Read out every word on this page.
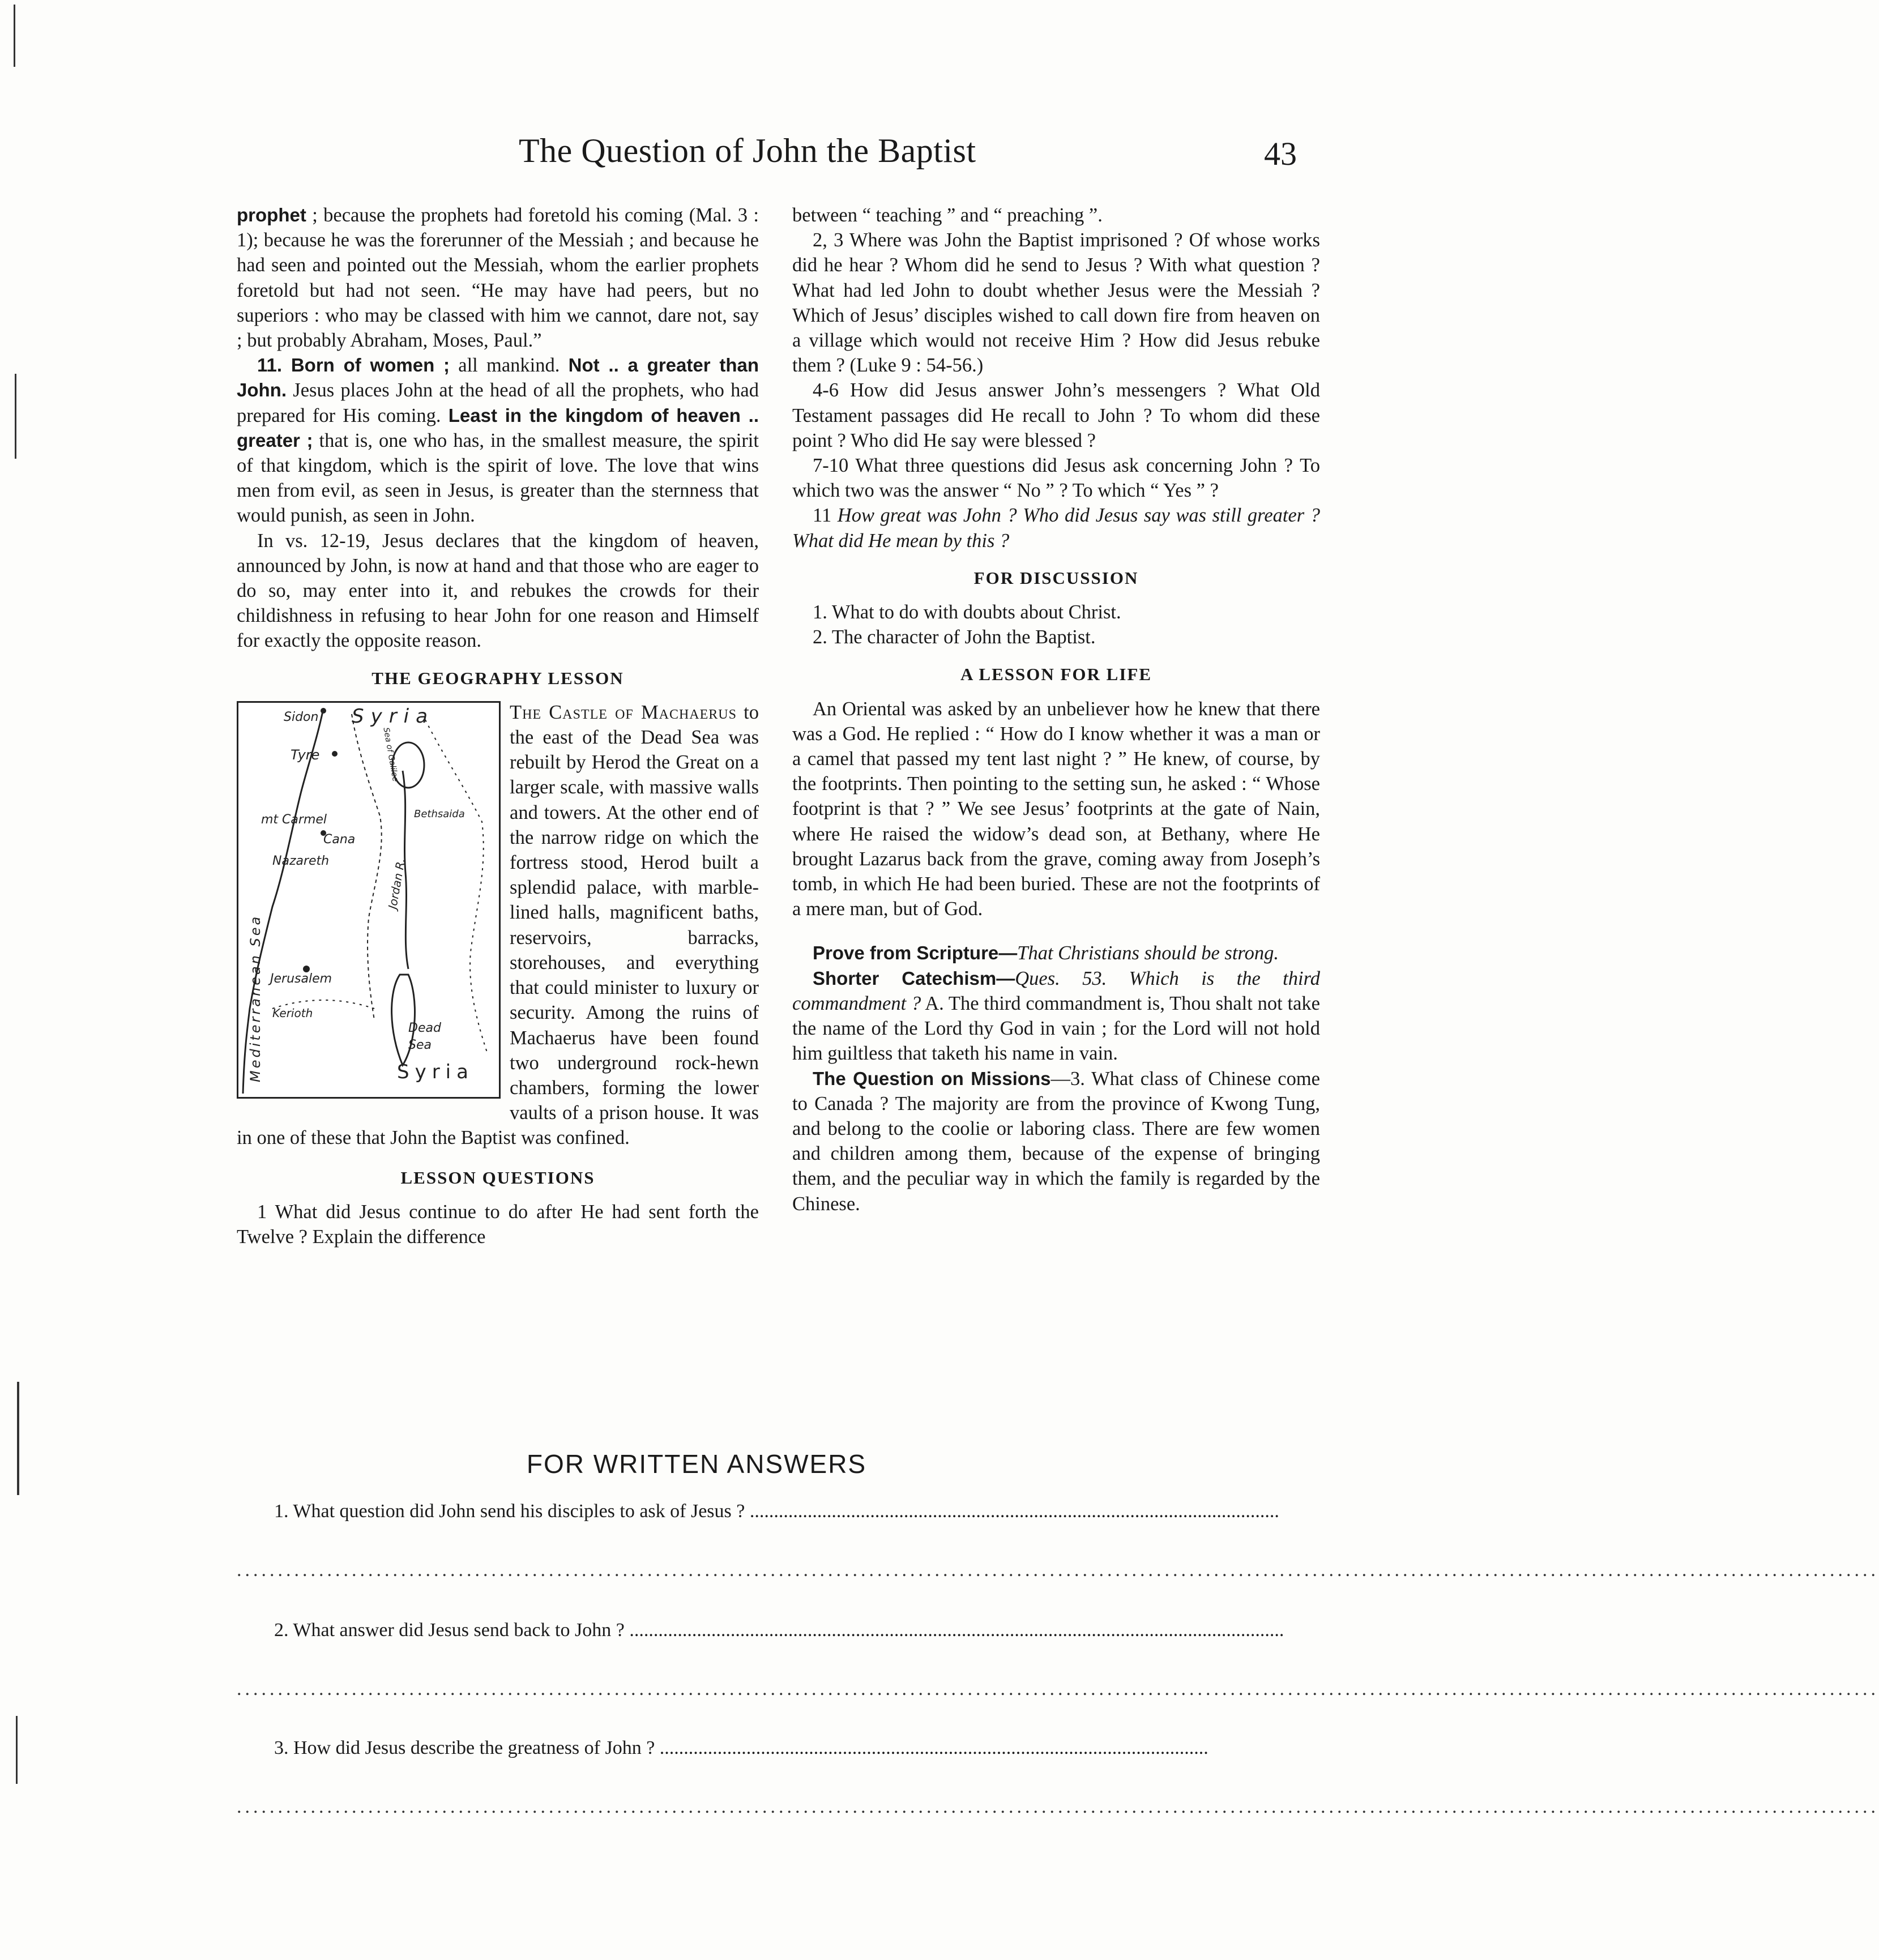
The Question of John the Baptist	43

prophet ; because the prophets had foretold his coming (Mal. 3 : 1); because he was the forerunner of the Messiah ; and because he had seen and pointed out the Messiah, whom the earlier prophets foretold but had not seen. “He may have had peers, but no superiors : who may be classed with him we cannot, dare not, say ; but probably Abraham, Moses, Paul.”

11. Born of women ; all mankind. Not .. a greater than John. Jesus places John at the head of all the prophets, who had prepared for His coming. Least in the kingdom of heaven .. greater ; that is, one who has, in the smallest measure, the spirit of that kingdom, which is the spirit of love. The love that wins men from evil, as seen in Jesus, is greater than the sternness that would punish, as seen in John.

In vs. 12-19, Jesus declares that the kingdom of heaven, announced by John, is now at hand and that those who are eager to do so, may enter into it, and rebukes the crowds for their childishness in refusing to hear John for one reason and Himself for exactly the opposite reason.

THE GEOGRAPHY LESSON
Sidon Syria
Tyre
mt Carmel
Cana
Nazareth
Bethsaida
Sea of Galilee
Mediterranean Sea
Jordan R.
Jerusalem
Kerioth
Dead Sea
Syria

The Castle of Machaerus to the east of the Dead Sea was rebuilt by Herod the Great on a larger scale, with massive walls and towers. At the other end of the narrow ridge on which the fortress stood, Herod built a splendid palace, with marble-lined halls, magnificent baths, reservoirs, barracks, storehouses, and everything that could minister to luxury or security. Among the ruins of Machaerus have been found two underground rock-hewn chambers, forming the lower vaults of a prison house. It was in one of these that John the Baptist was confined.

LESSON QUESTIONS

1 What did Jesus continue to do after He had sent forth the Twelve ? Explain the difference

between “ teaching ” and “ preaching ”.

2, 3 Where was John the Baptist imprisoned ? Of whose works did he hear ? Whom did he send to Jesus ? With what question ? What had led John to doubt whether Jesus were the Messiah ? Which of Jesus’ disciples wished to call down fire from heaven on a village which would not receive Him ? How did Jesus rebuke them ? (Luke 9 : 54-56.)

4-6 How did Jesus answer John’s messengers ? What Old Testament passages did He recall to John ? To whom did these point ? Who did He say were blessed ?

7-10 What three questions did Jesus ask concerning John ? To which two was the answer “ No ” ? To which “ Yes ” ?

11 How great was John ? Who did Jesus say was still greater ? What did He mean by this ?

FOR DISCUSSION

1. What to do with doubts about Christ.

2. The character of John the Baptist.

A LESSON FOR LIFE

An Oriental was asked by an unbeliever how he knew that there was a God. He replied : “ How do I know whether it was a man or a camel that passed my tent last night ? ” He knew, of course, by the footprints. Then pointing to the setting sun, he asked : “ Whose footprint is that ? ” We see Jesus’ footprints at the gate of Nain, where He raised the widow’s dead son, at Bethany, where He brought Lazarus back from the grave, coming away from Joseph’s tomb, in which He had been buried. These are not the footprints of a mere man, but of God.

Prove from Scripture—That Christians should be strong.

Shorter Catechism—Ques. 53. Which is the third commandment ? A. The third commandment is, Thou shalt not take the name of the Lord thy God in vain ; for the Lord will not hold him guiltless that taketh his name in vain.

The Question on Missions—3. What class of Chinese come to Canada ? The majority are from the province of Kwong Tung, and belong to the coolie or laboring class. There are few women and children among them, because of the expense of bringing them, and the peculiar way in which the family is regarded by the Chinese.

FOR WRITTEN ANSWERS
1. What question did John send his disciples to ask of Jesus ? ..............................................................................................................
........................................................................................................................................................................................................
2. What answer did Jesus send back to John ? ........................................................................................................................................
........................................................................................................................................................................................................
3. How did Jesus describe the greatness of John ? ..................................................................................................................
........................................................................................................................................................................................................
